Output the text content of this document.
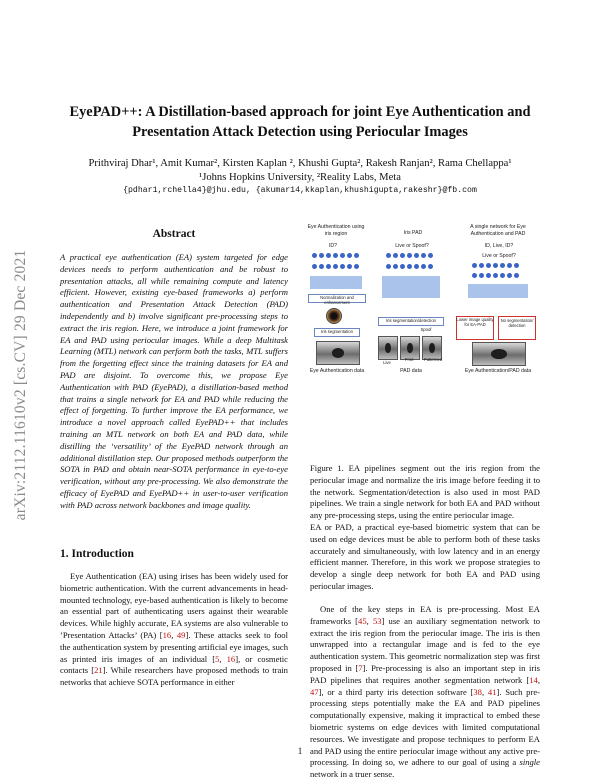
arXiv:2112.11610v2 [cs.CV] 29 Dec 2021
EyePAD++: A Distillation-based approach for joint Eye Authentication and
Presentation Attack Detection using Periocular Images
Prithviraj Dhar¹, Amit Kumar², Kirsten Kaplan ², Khushi Gupta², Rakesh Ranjan², Rama Chellappa¹
¹Johns Hopkins University, ²Reality Labs, Meta
{pdhar1,rchella4}@jhu.edu, {akumar14,kkaplan,khushigupta,rakeshr}@fb.com
Abstract

A practical eye authentication (EA) system targeted for edge devices needs to perform authentication and be robust to presentation attacks, all while remaining compute and latency efficient. However, existing eye-based frameworks a) perform authentication and Presentation Attack Detection (PAD) independently and b) involve significant pre-processing steps to extract the iris region. Here, we introduce a joint framework for EA and PAD using periocular images. While a deep Multitask Learning (MTL) network can perform both the tasks, MTL suffers from the forgetting effect since the training datasets for EA and PAD are disjoint. To overcome this, we propose Eye Authentication with PAD (EyePAD), a distillation-based method that trains a single network for EA and PAD while reducing the effect of forgetting. To further improve the EA performance, we introduce a novel approach called EyePAD++ that includes training an MTL network on both EA and PAD data, while distilling the ‘versatility’ of the EyePAD network through an additional distillation step. Our proposed methods outperform the SOTA in PAD and obtain near-SOTA performance in eye-to-eye verification, without any pre-processing. We also demonstrate the efficacy of EyePAD and EyePAD++ in user-to-user verification with PAD across network backbones and image quality.

1. Introduction

Eye Authentication (EA) using irises has been widely used for biometric authentication. With the current advancements in head-mounted technology, eye-based authentication is likely to become an essential part of authenticating users against their wearable devices. While highly accurate, EA systems are also vulnerable to ’Presentation Attacks’ (PA) [16, 49]. These attacks seek to fool the authentication system by presenting artificial eye images, such as printed iris images of an individual [5, 16], or cosmetic contacts [21]. While researchers have proposed methods to train networks that achieve SOTA performance in either

Eye Authentication using iris region
ID?
Normalization and enhancement
Iris segmentation
Eye Authentication data
Iris PAD
Live or Spoof?
Iris segmentation/detection
Spoof
Live
Print	Patterned
PAD data
A single network for Eye Authentication and PAD
ID, Live, ID?
Live or Spoof?
Lower image quality for EA-PAD
No segmentation/ detection
Eye Authentication/PAD data

Figure 1. EA pipelines segment out the iris region from the periocular image and normalize the iris image before feeding it to the network. Segmentation/detection is also used in most PAD pipelines. We train a single network for both EA and PAD without any pre-processing steps, using the entire periocular image.

EA or PAD, a practical eye-based biometric system that can be used on edge devices must be able to perform both of these tasks accurately and simultaneously, with low latency and in an energy efficient manner. Therefore, in this work we propose strategies to develop a single deep network for both EA and PAD using periocular images.

One of the key steps in EA is pre-processing. Most EA frameworks [45, 53] use an auxiliary segmentation network to extract the iris region from the periocular image. The iris is then unwrapped into a rectangular image and is fed to the eye authentication system. This geometric normalization step was first proposed in [7]. Pre-processing is also an important step in iris PAD pipelines that requires another segmentation network [14, 47], or a third party iris detection software [38, 41]. Such pre-processing steps potentially make the EA and PAD pipelines computationally expensive, making it impractical to embed these biometric systems on edge devices with limited computational resources. We investigate and propose techniques to perform EA and PAD using the entire periocular image without any active pre-processing. In doing so, we adhere to our goal of using a single network in a truer sense.

1
